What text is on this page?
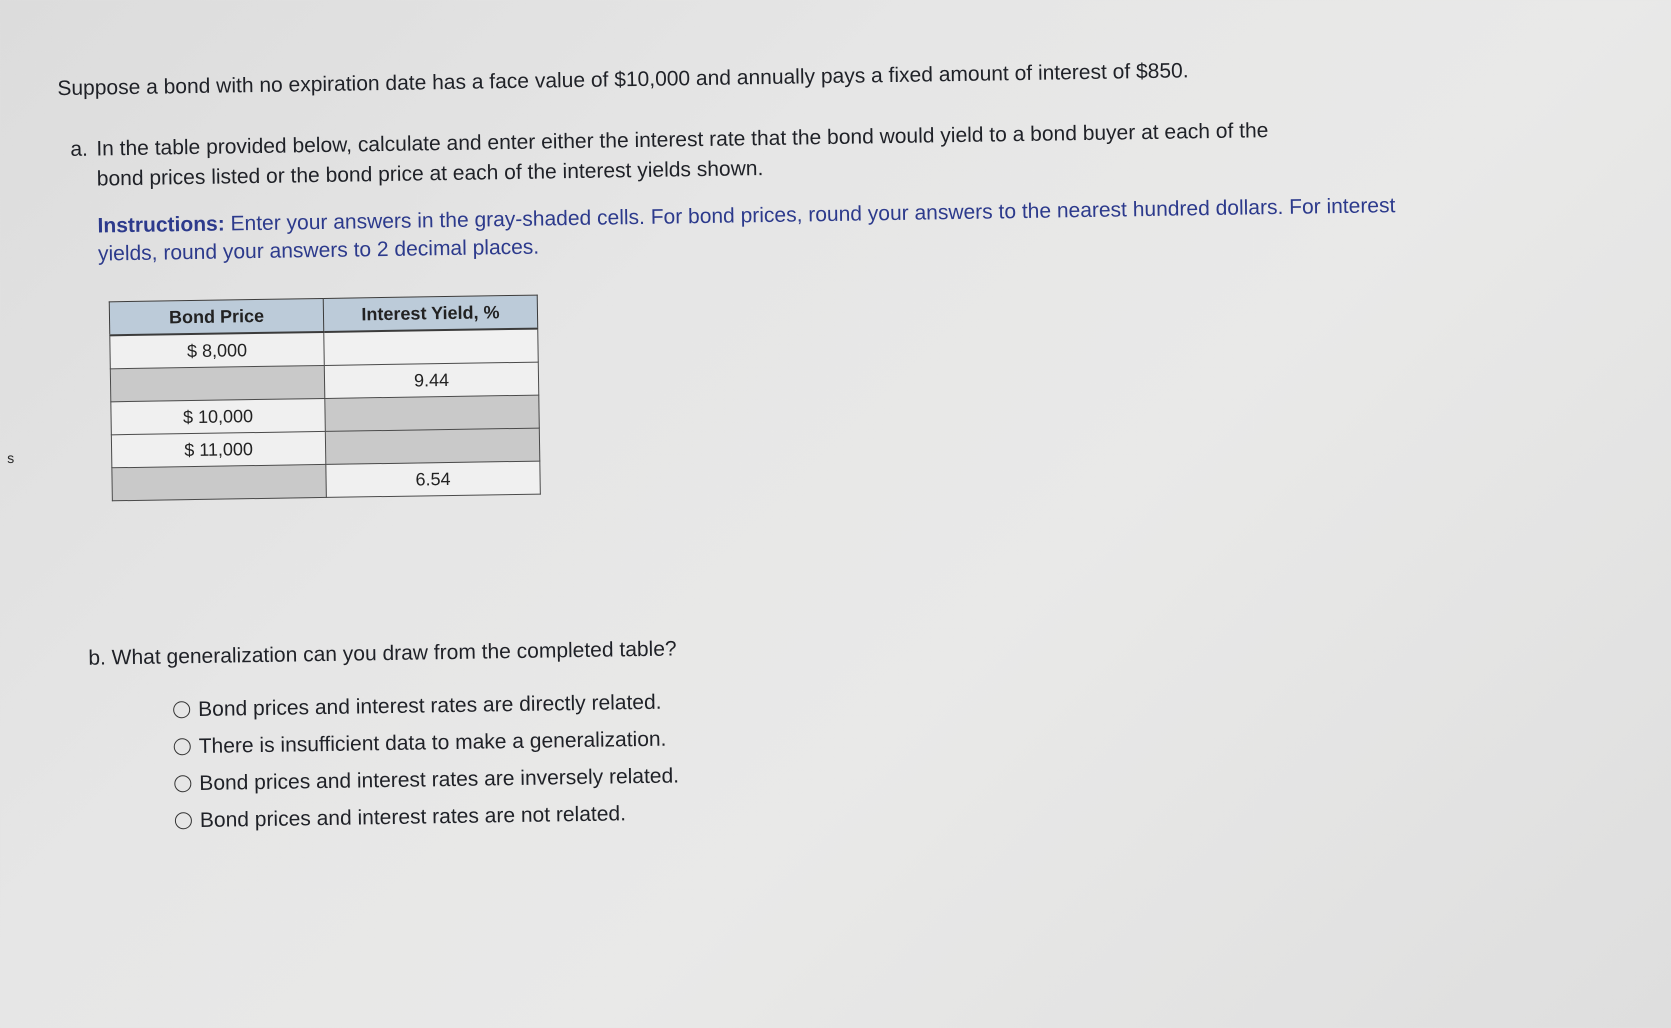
s
Suppose a bond with no expiration date has a face value of $10,000 and annually pays a fixed amount of interest of $850.
a. In the table provided below, calculate and enter either the interest rate that the bond would yield to a bond buyer at each of the
bond prices listed or the bond price at each of the interest yields shown.
Instructions: Enter your answers in the gray-shaded cells. For bond prices, round your answers to the nearest hundred dollars. For interest yields, round your answers to 2 decimal places.
Bond Price	Interest Yield, %
$ 8,000	
	9.44
$ 10,000	
$ 11,000	
	6.54
b. What generalization can you draw from the completed table?
Bond prices and interest rates are directly related.
There is insufficient data to make a generalization.
Bond prices and interest rates are inversely related.
Bond prices and interest rates are not related.
